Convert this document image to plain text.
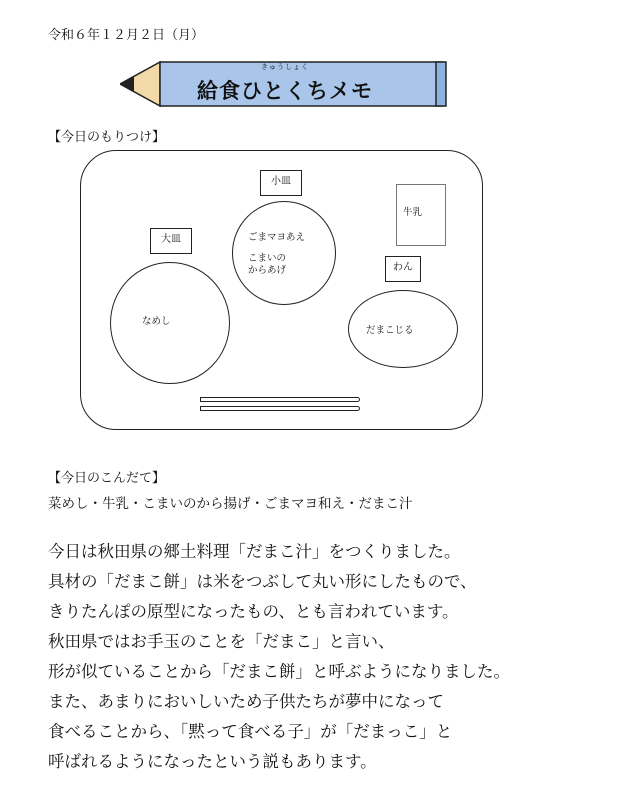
令和６年１２月２日（月）
きゅうしょく
給食ひとくちメモ
【今日のもりつけ】
大皿
なめし
小皿
ごまマヨあえ
こまいの
からあげ
牛乳
わん
だまこじる
【今日のこんだて】
菜めし・牛乳・こまいのから揚げ・ごまマヨ和え・だまこ汁

今日は秋田県の郷土料理「だまこ汁」をつくりました。

具材の「だまこ餅」は米をつぶして丸い形にしたもので、

きりたんぽの原型になったもの、とも言われています。

秋田県ではお手玉のことを「だまこ」と言い、

形が似ていることから「だまこ餅」と呼ぶようになりました。

また、あまりにおいしいため子供たちが夢中になって

食べることから、「黙って食べる子」が「だまっこ」と

呼ばれるようになったという説もあります。
